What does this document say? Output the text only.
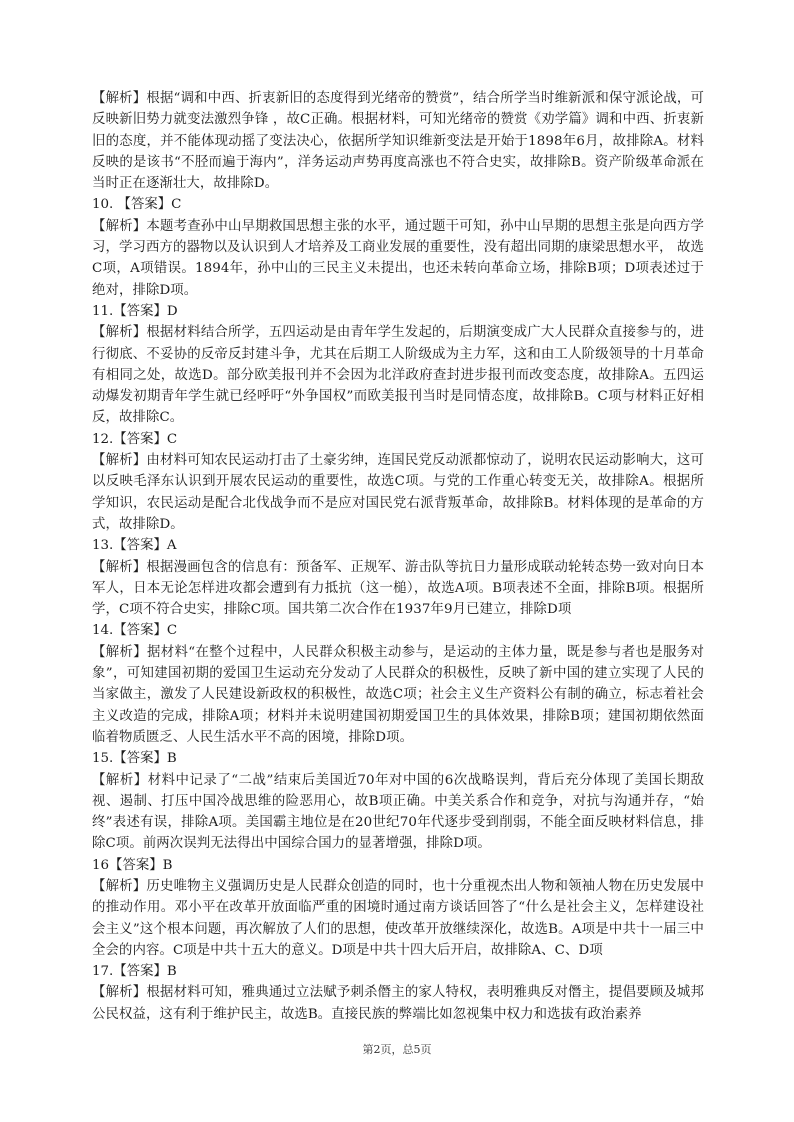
【解析】根据“调和中西、折衷新旧的态度得到光绪帝的赞赏”，结合所学当时维新派和保守派论战，可反映新旧势力就变法激烈争锋 ，故C正确。根据材料，可知光绪帝的赞赏《劝学篇》调和中西、折衷新旧的态度，并不能体现动摇了变法决心，依据所学知识维新变法是开始于1898年6月，故排除A。材料反映的是该书“不胫而遍于海内”，洋务运动声势再度高涨也不符合史实，故排除B。资产阶级革命派在当时正在逐渐壮大，故排除D。

10. 【答案】C

【解析】本题考查孙中山早期救国思想主张的水平，通过题干可知，孙中山早期的思想主张是向西方学习，学习西方的器物以及认识到人才培养及工商业发展的重要性，没有超出同期的康梁思想水平， 故选C项，A项错误。1894年，孙中山的三民主义未提出，也还未转向革命立场，排除B项；D项表述过于绝对，排除D项。

11.【答案】D

【解析】根据材料结合所学，五四运动是由青年学生发起的，后期演变成广大人民群众直接参与的，进行彻底、不妥协的反帝反封建斗争，尤其在后期工人阶级成为主力军，这和由工人阶级领导的十月革命有相同之处，故选D。部分欧美报刊并不会因为北洋政府查封进步报刊而改变态度，故排除A。五四运动爆发初期青年学生就已经呼吁“外争国权”而欧美报刊当时是同情态度，故排除B。C项与材料正好相反，故排除C。

12.【答案】C

【解析】由材料可知农民运动打击了土豪劣绅，连国民党反动派都惊动了，说明农民运动影响大，这可以反映毛泽东认识到开展农民运动的重要性，故选C项。与党的工作重心转变无关，故排除A。根据所学知识，农民运动是配合北伐战争而不是应对国民党右派背叛革命，故排除B。材料体现的是革命的方式，故排除D。

13.【答案】A

【解析】根据漫画包含的信息有：预备军、正规军、游击队等抗日力量形成联动轮转态势一致对向日本军人，日本无论怎样进攻都会遭到有力抵抗（这一槌），故选A项。B项表述不全面，排除B项。根据所学，C项不符合史实，排除C项。国共第二次合作在1937年9月已建立，排除D项

14.【答案】C

【解析】据材料“在整个过程中，人民群众积极主动参与，是运动的主体力量，既是参与者也是服务对象”，可知建国初期的爱国卫生运动充分发动了人民群众的积极性，反映了新中国的建立实现了人民的当家做主，激发了人民建设新政权的积极性，故选C项；社会主义生产资料公有制的确立，标志着社会主义改造的完成，排除A项；材料并未说明建国初期爱国卫生的具体效果，排除B项；建国初期依然面临着物质匮乏、人民生活水平不高的困境，排除D项。

15.【答案】B

【解析】材料中记录了“二战”结束后美国近70年对中国的6次战略误判，背后充分体现了美国长期敌视、遏制、打压中国冷战思维的险恶用心，故B项正确。中美关系合作和竞争，对抗与沟通并存，“始终”表述有误，排除A项。美国霸主地位是在20世纪70年代逐步受到削弱，不能全面反映材料信息，排除C项。前两次误判无法得出中国综合国力的显著增强，排除D项。

16【答案】B

【解析】历史唯物主义强调历史是人民群众创造的同时，也十分重视杰出人物和领袖人物在历史发展中的推动作用。邓小平在改革开放面临严重的困境时通过南方谈话回答了“什么是社会主义，怎样建设社会主义”这个根本问题，再次解放了人们的思想，使改革开放继续深化，故选B。A项是中共十一届三中全会的内容。C项是中共十五大的意义。D项是中共十四大后开启，故排除A、C、D项

17.【答案】B

【解析】根据材料可知，雅典通过立法赋予刺杀僭主的家人特权，表明雅典反对僭主，提倡要顾及城邦公民权益，这有利于维护民主，故选B。直接民族的弊端比如忽视集中权力和选拔有政治素养

第2页，总5页
